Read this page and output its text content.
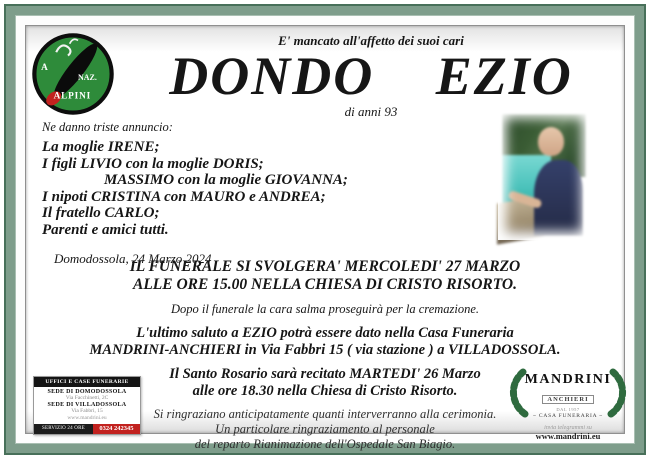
A
NAZ.
ALPINI
E' mancato all'affetto dei suoi cari
DONDO EZIO
di anni 93
Ne danno triste annuncio:
La moglie IRENE;
I figli LIVIO con la moglie DORIS;
MASSIMO con la moglie GIOVANNA;
I nipoti CRISTINA con MAURO e ANDREA;
Il fratello CARLO;
Parenti e amici tutti.
Domodossola, 24 Marzo 2024
IL FUNERALE SI SVOLGERA' MERCOLEDI' 27 MARZO
ALLE ORE 15.00 NELLA CHIESA DI CRISTO RISORTO.
Dopo il funerale la cara salma proseguirà per la cremazione.
L'ultimo saluto a EZIO potrà essere dato nella Casa Funeraria
MANDRINI-ANCHIERI in Via Fabbri 15 ( via stazione ) a VILLADOSSOLA.
Il Santo Rosario sarà recitato MARTEDI' 26 Marzo
alle ore 18.30 nella Chiesa di Cristo Risorto.
Si ringraziano anticipatamente quanti interverranno alla cerimonia.
Un particolare ringraziamento al personale
del reparto Rianimazione dell'Ospedale San Biagio.
UFFICI E CASE FUNERARIE
SEDE DI DOMODOSSOLA
Via Facchinetti, 2C
SEDE DI VILLADOSSOLA
Via Fabbri, 15
www.mandrini.eu
SERVIZIO 24 ORE	0324 242345
MANDRINI
ANCHIERI
DAL 1957
~ CASA FUNERARIA ~
invia telegrammi su
www.mandrini.eu
